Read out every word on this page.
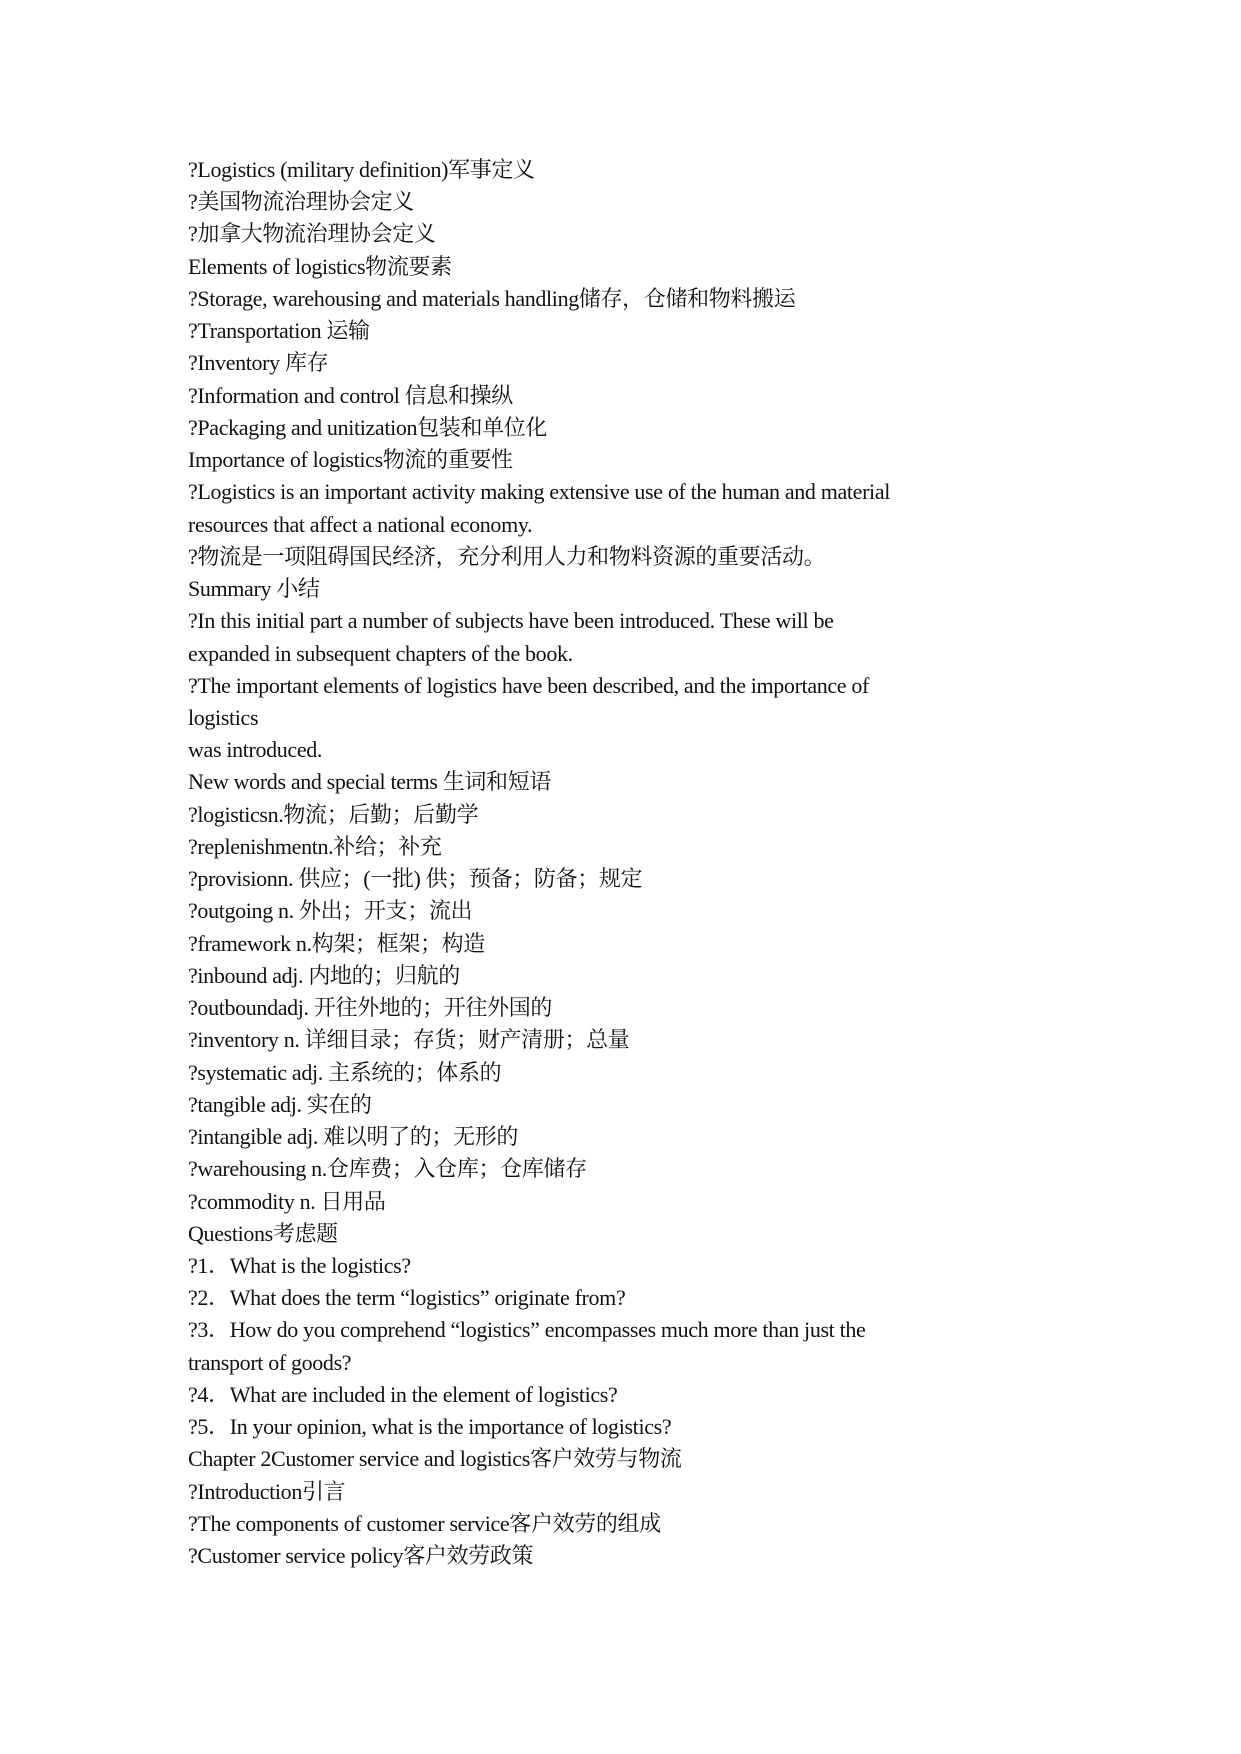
?Logistics (military definition)军事定义
?美国物流治理协会定义
?加拿大物流治理协会定义
Elements of logistics物流要素
?Storage, warehousing and materials handling储存，仓储和物料搬运
?Transportation 运输
?Inventory 库存
?Information and control 信息和操纵
?Packaging and unitization包装和单位化
Importance of logistics物流的重要性
?Logistics is an important activity making extensive use of the human and material
resources that affect a national economy.
?物流是一项阻碍国民经济，充分利用人力和物料资源的重要活动。
Summary 小结
?In this initial part a number of subjects have been introduced. These will be
expanded in subsequent chapters of the book.
?The important elements of logistics have been described, and the importance of
logistics
was introduced.
New words and special terms 生词和短语
?logisticsn.物流；后勤；后勤学
?replenishmentn.补给；补充
?provisionn. 供应；(一批) 供；预备；防备；规定
?outgoing n. 外出；开支；流出
?framework n.构架；框架；构造
?inbound adj. 内地的；归航的
?outboundadj. 开往外地的；开往外国的
?inventory n. 详细目录；存货；财产清册；总量
?systematic adj. 主系统的；体系的
?tangible adj. 实在的
?intangible adj. 难以明了的；无形的
?warehousing n.仓库费；入仓库；仓库储存
?commodity n. 日用品
Questions考虑题
?1．What is the logistics?
?2．What does the term “logistics” originate from?
?3．How do you comprehend “logistics” encompasses much more than just the
transport of goods?
?4．What are included in the element of logistics?
?5．In your opinion, what is the importance of logistics?
Chapter 2Customer service and logistics客户效劳与物流
?Introduction引言
?The components of customer service客户效劳的组成
?Customer service policy客户效劳政策
